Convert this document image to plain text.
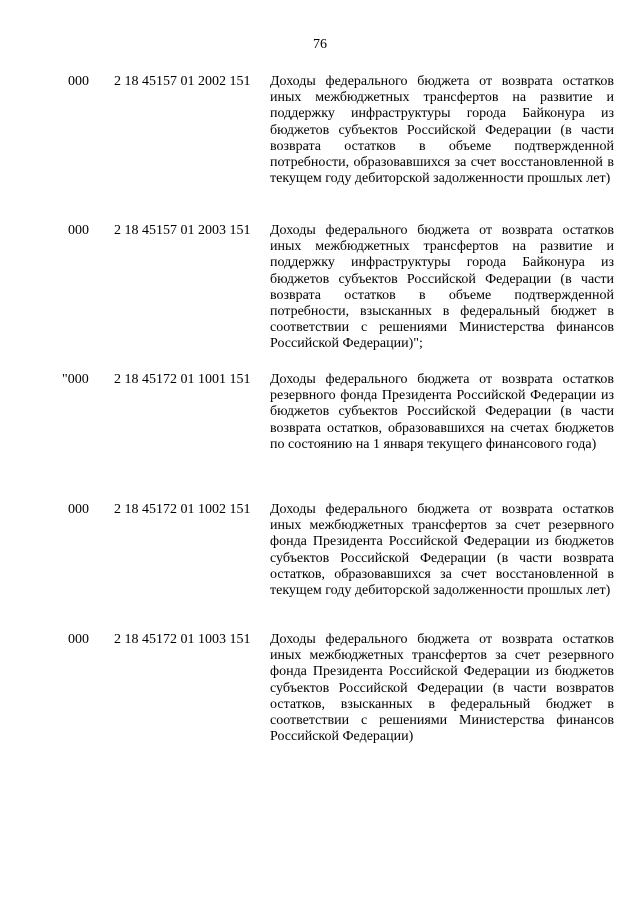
76
000	2 18 45157 01 2002 151	Доходы федерального бюджета от возврата остатков иных межбюджетных трансфертов на развитие и поддержку инфраструктуры города Байконура из бюджетов субъектов Российской Федерации (в части возврата остатков в объеме подтвержденной потребности, образовавшихся за счет восстановленной в текущем году дебиторской задолженности прошлых лет)
000	2 18 45157 01 2003 151	Доходы федерального бюджета от возврата остатков иных межбюджетных трансфертов на развитие и поддержку инфраструктуры города Байконура из бюджетов субъектов Российской Федерации (в части возврата остатков в объеме подтвержденной потребности, взысканных в федеральный бюджет в соответствии с решениями Министерства финансов Российской Федерации)";
"000	2 18 45172 01 1001 151	Доходы федерального бюджета от возврата остатков резервного фонда Президента Российской Федерации из бюджетов субъектов Российской Федерации (в части возврата остатков, образовавшихся на счетах бюджетов по состоянию на 1 января текущего финансового года)
000	2 18 45172 01 1002 151	Доходы федерального бюджета от возврата остатков иных межбюджетных трансфертов за счет резервного фонда Президента Российской Федерации из бюджетов субъектов Российской Федерации (в части возврата остатков, образовавшихся за счет восстановленной в текущем году дебиторской задолженности прошлых лет)
000	2 18 45172 01 1003 151	Доходы федерального бюджета от возврата остатков иных межбюджетных трансфертов за счет резервного фонда Президента Российской Федерации из бюджетов субъектов Российской Федерации (в части возвратов остатков, взысканных в федеральный бюджет в соответствии с решениями Министерства финансов Российской Федерации)
